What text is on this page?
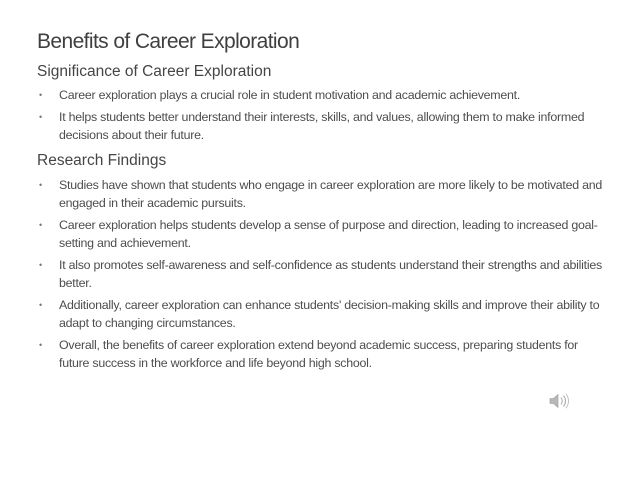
Benefits of Career Exploration
Significance of Career Exploration
• Career exploration plays a crucial role in student motivation and academic achievement.
• It helps students better understand their interests, skills, and values, allowing them to make informed decisions about their future.
Research Findings
• Studies have shown that students who engage in career exploration are more likely to be motivated and engaged in their academic pursuits.
• Career exploration helps students develop a sense of purpose and direction, leading to increased goal-setting and achievement.
• It also promotes self-awareness and self-confidence as students understand their strengths and abilities better.
• Additionally, career exploration can enhance students' decision-making skills and improve their ability to adapt to changing circumstances.
• Overall, the benefits of career exploration extend beyond academic success, preparing students for future success in the workforce and life beyond high school.
